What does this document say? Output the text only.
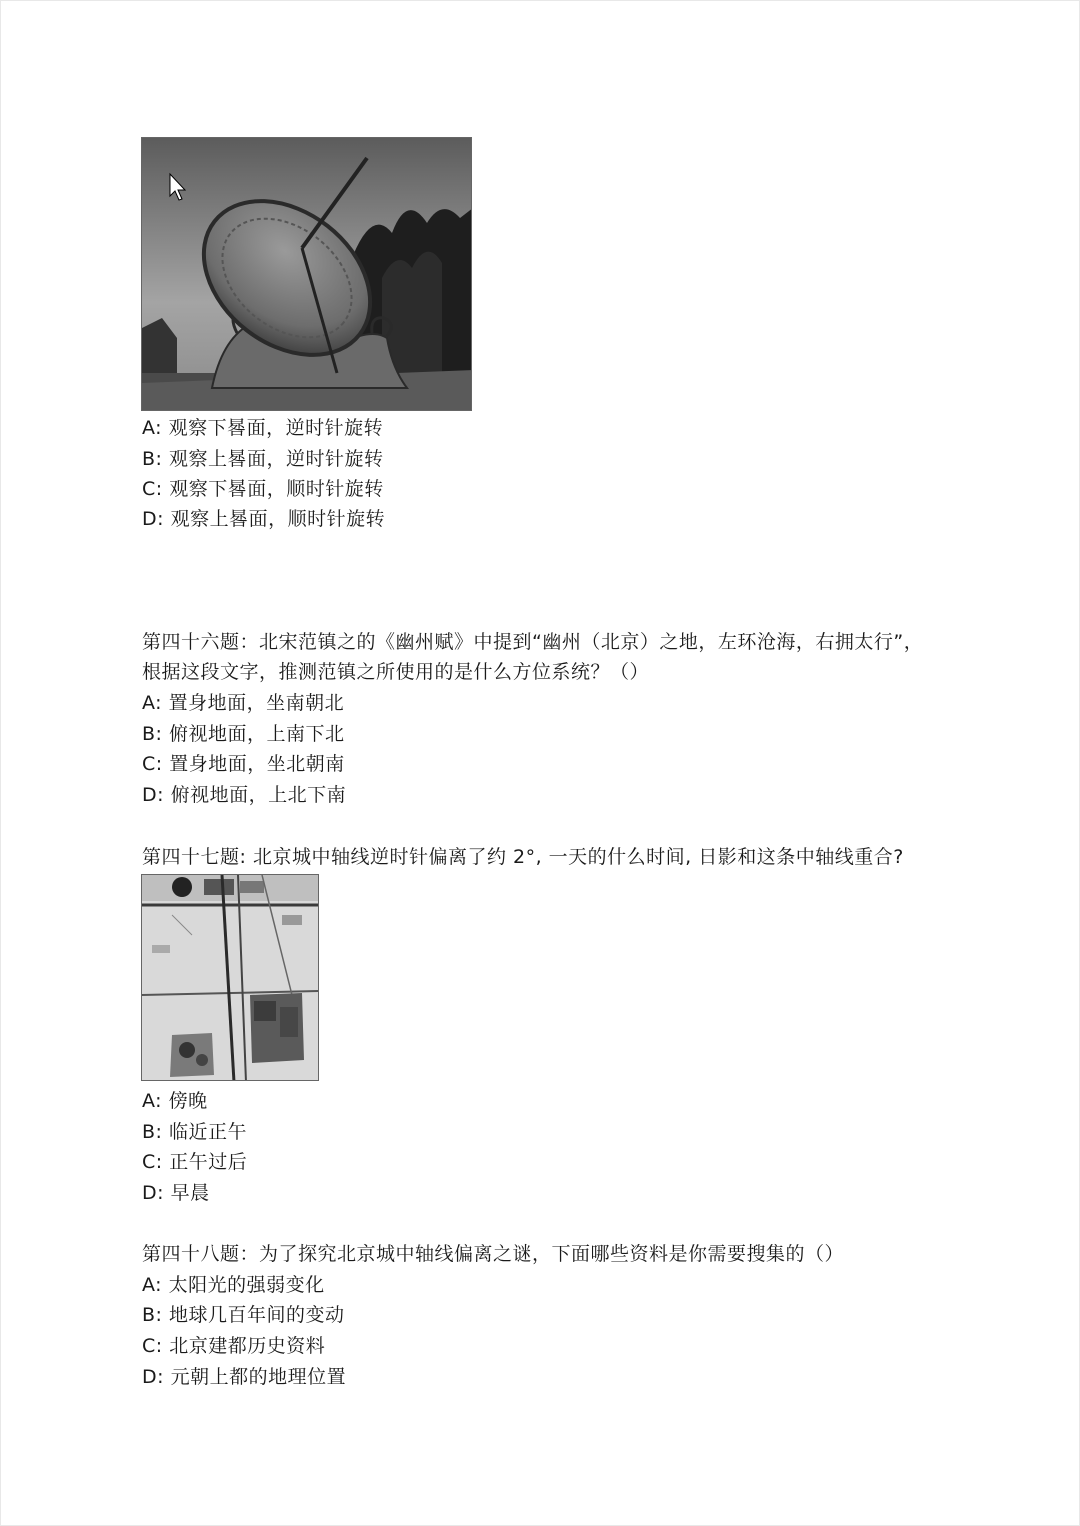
A: 观察下晷面，逆时针旋转
B: 观察上晷面，逆时针旋转
C: 观察下晷面，顺时针旋转
D: 观察上晷面，顺时针旋转
第四十六题：北宋范镇之的《幽州赋》中提到“幽州（北京）之地，左环沧海，右拥太行”，
根据这段文字，推测范镇之所使用的是什么方位系统？（）
A: 置身地面，坐南朝北
B: 俯视地面，上南下北
C: 置身地面，坐北朝南
D: 俯视地面，上北下南
第四十七题: 北京城中轴线逆时针偏离了约 2°, 一天的什么时间, 日影和这条中轴线重合?
A: 傍晚
B: 临近正午
C: 正午过后
D: 早晨
第四十八题：为了探究北京城中轴线偏离之谜，下面哪些资料是你需要搜集的（）
A: 太阳光的强弱变化
B: 地球几百年间的变动
C: 北京建都历史资料
D: 元朝上都的地理位置
